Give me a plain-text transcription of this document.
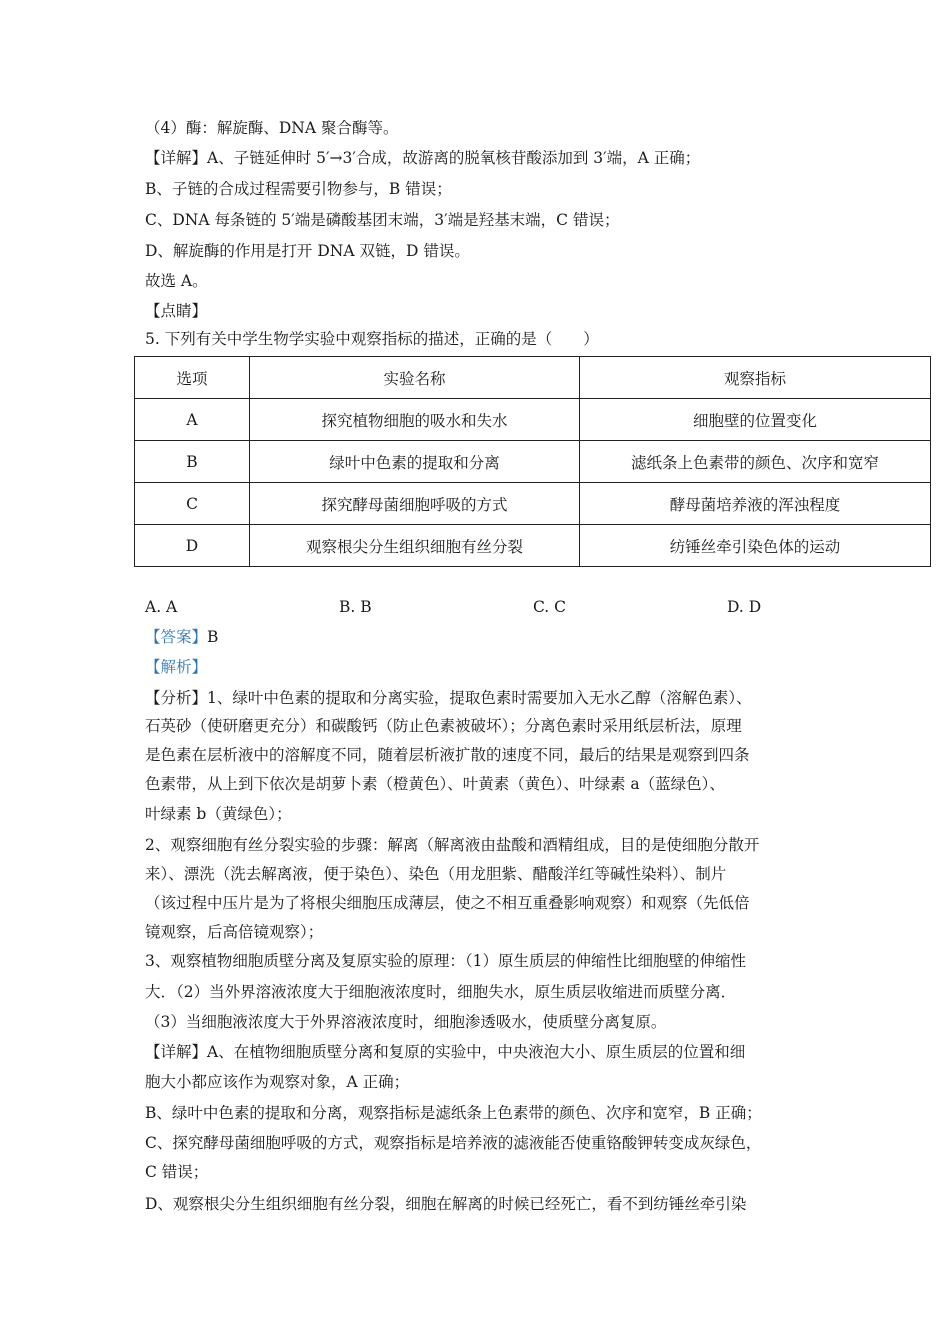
（4）酶：解旋酶、DNA 聚合酶等。
【详解】A、子链延伸时 5′→3′合成，故游离的脱氧核苷酸添加到 3′端，A 正确；
B、子链的合成过程需要引物参与，B 错误；
C、DNA 每条链的 5′端是磷酸基团末端，3′端是羟基末端，C 错误；
D、解旋酶的作用是打开 DNA 双链，D 错误。
故选 A。
【点睛】
5. 下列有关中学生物学实验中观察指标的描述，正确的是（　　）
选项	实验名称	观察指标
A	探究植物细胞的吸水和失水	细胞壁的位置变化
B	绿叶中色素的提取和分离	滤纸条上色素带的颜色、次序和宽窄
C	探究酵母菌细胞呼吸的方式	酵母菌培养液的浑浊程度
D	观察根尖分生组织细胞有丝分裂	纺锤丝牵引染色体的运动
A. A	B. B	C. C	D. D
【答案】B
【解析】
【分析】1、绿叶中色素的提取和分离实验，提取色素时需要加入无水乙醇（溶解色素）、
石英砂（使研磨更充分）和碳酸钙（防止色素被破坏）；分离色素时采用纸层析法，原理
是色素在层析液中的溶解度不同，随着层析液扩散的速度不同，最后的结果是观察到四条
色素带，从上到下依次是胡萝卜素（橙黄色）、叶黄素（黄色）、叶绿素 a（蓝绿色）、
叶绿素 b（黄绿色）；
2、观察细胞有丝分裂实验的步骤：解离（解离液由盐酸和酒精组成，目的是使细胞分散开
来）、漂洗（洗去解离液，便于染色）、染色（用龙胆紫、醋酸洋红等碱性染料）、制片
（该过程中压片是为了将根尖细胞压成薄层，使之不相互重叠影响观察）和观察（先低倍
镜观察，后高倍镜观察）；
3、观察植物细胞质壁分离及复原实验的原理：（1）原生质层的伸缩性比细胞壁的伸缩性
大．（2）当外界溶液浓度大于细胞液浓度时，细胞失水，原生质层收缩进而质壁分离．
（3）当细胞液浓度大于外界溶液浓度时，细胞渗透吸水，使质壁分离复原。
【详解】A、在植物细胞质壁分离和复原的实验中，中央液泡大小、原生质层的位置和细
胞大小都应该作为观察对象，A 正确；
B、绿叶中色素的提取和分离，观察指标是滤纸条上色素带的颜色、次序和宽窄，B 正确；
C、探究酵母菌细胞呼吸的方式，观察指标是培养液的滤液能否使重铬酸钾转变成灰绿色，
C 错误；
D、观察根尖分生组织细胞有丝分裂，细胞在解离的时候已经死亡，看不到纺锤丝牵引染
